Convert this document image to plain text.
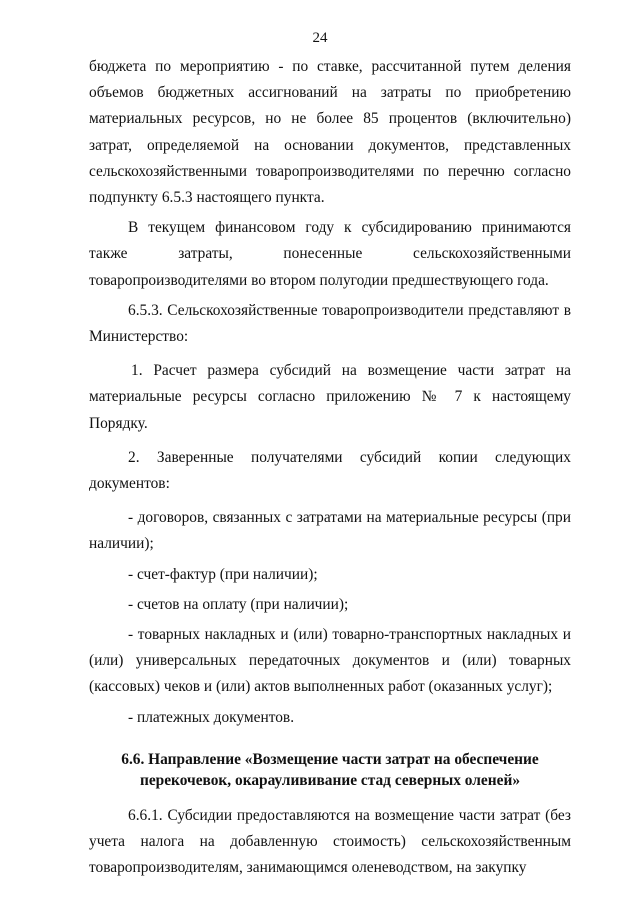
24

бюджета по мероприятию - по ставке, рассчитанной путем деления объемов бюджетных ассигнований на затраты по приобретению материальных ресурсов, но не более 85 процентов (включительно) затрат, определяемой на основании документов, представленных сельскохозяйственными товаропроизводителями по перечню согласно подпункту 6.5.3 настоящего пункта.

В текущем финансовом году к субсидированию принимаются также затраты, понесенные сельскохозяйственными товаропроизводителями во втором полугодии предшествующего года.

6.5.3. Сельскохозяйственные товаропроизводители представляют в Министерство:

1. Расчет размера субсидий на возмещение части затрат на материальные ресурсы согласно приложению № 7 к настоящему Порядку.

2. Заверенные получателями субсидий копии следующих документов:

- договоров, связанных с затратами на материальные ресурсы (при наличии);

- счет-фактур (при наличии);

- счетов на оплату (при наличии);

- товарных накладных и (или) товарно-транспортных накладных и (или) универсальных передаточных документов и (или) товарных (кассовых) чеков и (или) актов выполненных работ (оказанных услуг);

- платежных документов.

6.6. Направление «Возмещение части затрат на обеспечение
перекочевок, окараулививание стад северных оленей»

6.6.1. Субсидии предоставляются на возмещение части затрат (без учета налога на добавленную стоимость) сельскохозяйственным товаропроизводителям, занимающимся оленеводством, на закупку
